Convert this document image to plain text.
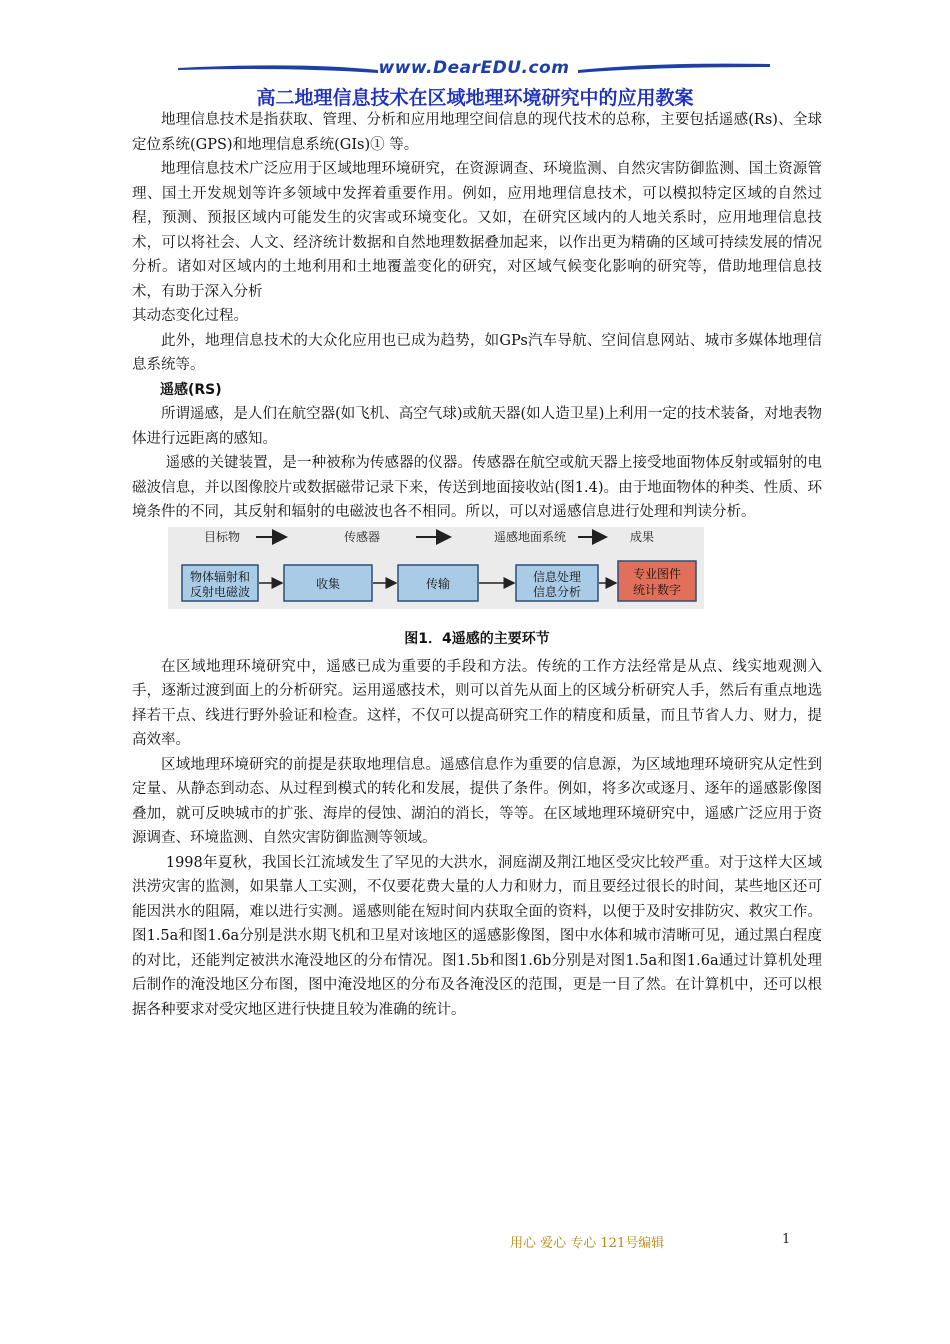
www.DearEDU.com
高二地理信息技术在区域地理环境研究中的应用教案

地理信息技术是指获取、管理、分析和应用地理空间信息的现代技术的总称，主要包括遥感(Rs)、全球定位系统(GPS)和地理信息系统(GIs)① 等。

地理信息技术广泛应用于区域地理环境研究，在资源调查、环境监测、自然灾害防御监测、国土资源管理、国土开发规划等许多领域中发挥着重要作用。例如，应用地理信息技术，可以模拟特定区域的自然过程，预测、预报区域内可能发生的灾害或环境变化。又如，在研究区域内的人地关系时，应用地理信息技术，可以将社会、人文、经济统计数据和自然地理数据叠加起来，以作出更为精确的区域可持续发展的情况分析。诸如对区域内的土地利用和土地覆盖变化的研究，对区域气候变化影响的研究等，借助地理信息技术，有助于深入分析

其动态变化过程。

此外，地理信息技术的大众化应用也已成为趋势，如GPs汽车导航、空间信息网站、城市多媒体地理信息系统等。

遥感(RS)

所谓遥感，是人们在航空器(如飞机、高空气球)或航天器(如人造卫星)上利用一定的技术装备，对地表物体进行远距离的感知。

遥感的关键装置，是一种被称为传感器的仪器。传感器在航空或航天器上接受地面物体反射或辐射的电磁波信息，并以图像胶片或数据磁带记录下来，传送到地面接收站(图1.4)。由于地面物体的种类、性质、环境条件的不同，其反射和辐射的电磁波也各不相同。所以，可以对遥感信息进行处理和判读分析。

目标物	传感器	遥感地面系统	成果
物体辐射和
反射电磁波
收集	传输	信息处理
信息分析
专业图件
统计数字

图1．4遥感的主要环节

在区域地理环境研究中，遥感已成为重要的手段和方法。传统的工作方法经常是从点、线实地观测入手，逐渐过渡到面上的分析研究。运用遥感技术，则可以首先从面上的区域分析研究人手，然后有重点地选择若干点、线进行野外验证和检查。这样，不仅可以提高研究工作的精度和质量，而且节省人力、财力，提高效率。

区域地理环境研究的前提是获取地理信息。遥感信息作为重要的信息源，为区域地理环境研究从定性到定量、从静态到动态、从过程到模式的转化和发展，提供了条件。例如，将多次或逐月、逐年的遥感影像图叠加，就可反映城市的扩张、海岸的侵蚀、湖泊的消长，等等。在区域地理环境研究中，遥感广泛应用于资源调查、环境监测、自然灾害防御监测等领域。

1998年夏秋，我国长江流域发生了罕见的大洪水，洞庭湖及荆江地区受灾比较严重。对于这样大区域洪涝灾害的监测，如果靠人工实测，不仅要花费大量的人力和财力，而且要经过很长的时间，某些地区还可能因洪水的阻隔，难以进行实测。遥感则能在短时间内获取全面的资料，以便于及时安排防灾、救灾工作。图1.5a和图1.6a分别是洪水期飞机和卫星对该地区的遥感影像图，图中水体和城市清晰可见，通过黑白程度的对比，还能判定被洪水淹没地区的分布情况。图1.5b和图1.6b分别是对图1.5a和图1.6a通过计算机处理后制作的淹没地区分布图，图中淹没地区的分布及各淹没区的范围，更是一目了然。在计算机中，还可以根据各种要求对受灾地区进行快捷且较为准确的统计。

用心 爱心 专心 121号编辑	1
